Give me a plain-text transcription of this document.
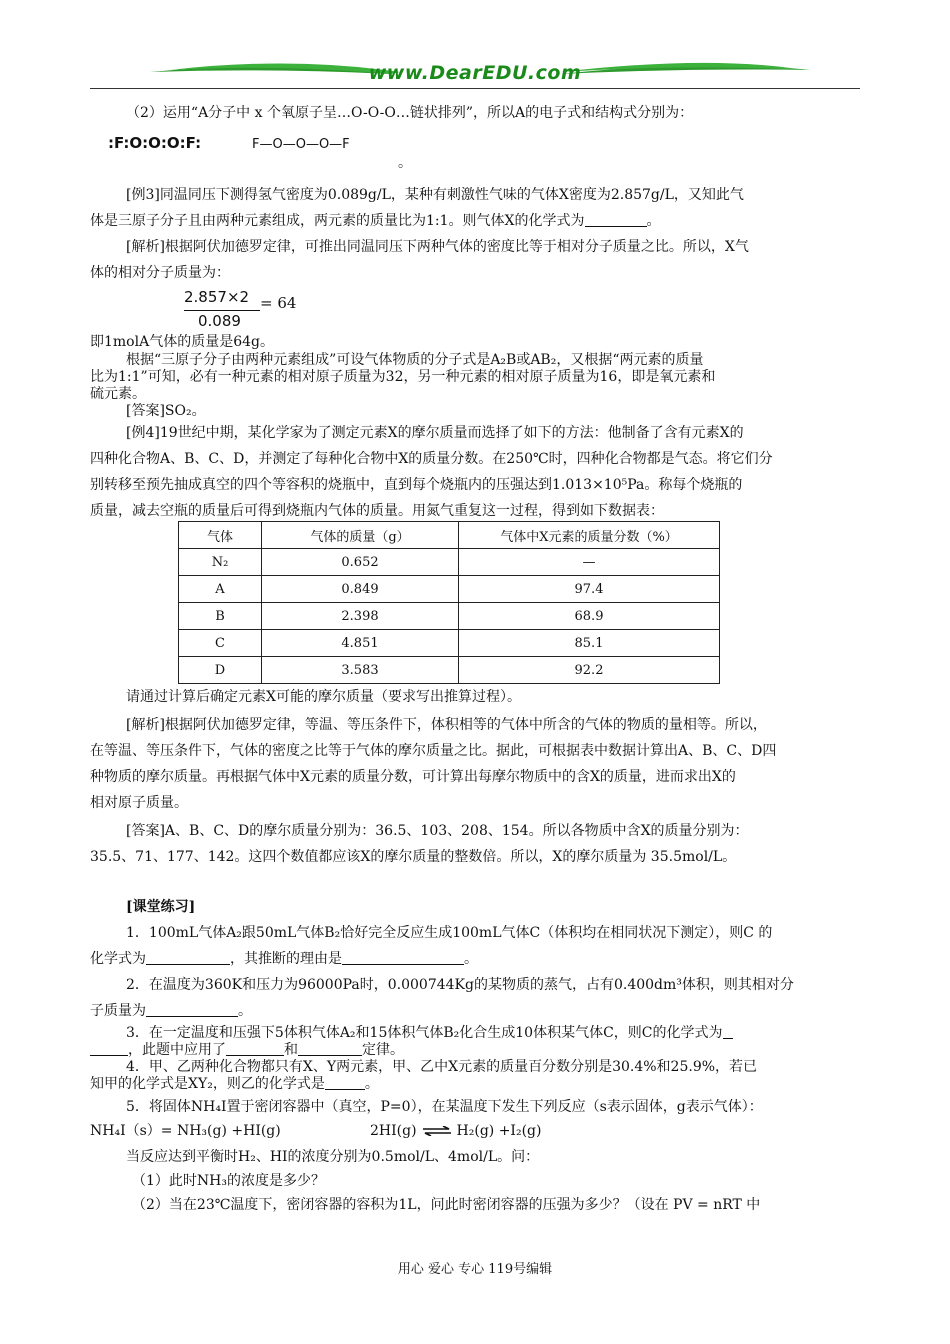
www.DearEDU.com
（2）运用“A分子中 x 个氧原子呈…O-O-O…链状排列”，所以A的电子式和结构式分别为：
:F:O:O:O:F:	F—O—O—O—F
。
[例3]同温同压下测得氢气密度为0.089g/L，某种有刺激性气味的气体X密度为2.857g/L，又知此气
体是三原子分子且由两种元素组成，两元素的质量比为1:1。则气体X的化学式为	。
[解析]根据阿伏加德罗定律，可推出同温同压下两种气体的密度比等于相对分子质量之比。所以，X气
体的相对分子质量为：
2.857×2
0.089
= 64
即1molA气体的质量是64g。
根据“三原子分子由两种元素组成”可设气体物质的分子式是A₂B或AB₂，又根据“两元素的质量
比为1:1”可知，必有一种元素的相对原子质量为32，另一种元素的相对原子质量为16，即是氧元素和
硫元素。
[答案]SO₂。
[例4]19世纪中期，某化学家为了测定元素X的摩尔质量而选择了如下的方法：他制备了含有元素X的
四种化合物A、B、C、D，并测定了每种化合物中X的质量分数。在250℃时，四种化合物都是气态。将它们分
别转移至预先抽成真空的四个等容积的烧瓶中，直到每个烧瓶内的压强达到1.013×10⁵Pa。称每个烧瓶的
质量，减去空瓶的质量后可得到烧瓶内气体的质量。用氮气重复这一过程，得到如下数据表：
气体	气体的质量（g）	气体中X元素的质量分数（%）
N₂	0.652	—
A	0.849	97.4
B	2.398	68.9
C	4.851	85.1
D	3.583	92.2
请通过计算后确定元素X可能的摩尔质量（要求写出推算过程）。
[解析]根据阿伏加德罗定律，等温、等压条件下，体积相等的气体中所含的气体的物质的量相等。所以，
在等温、等压条件下，气体的密度之比等于气体的摩尔质量之比。据此，可根据表中数据计算出A、B、C、D四
种物质的摩尔质量。再根据气体中X元素的质量分数，可计算出每摩尔物质中的含X的质量，进而求出X的
相对原子质量。
[答案]A、B、C、D的摩尔质量分别为：36.5、103、208、154。所以各物质中含X的质量分别为：
35.5、71、177、142。这四个数值都应该X的摩尔质量的整数倍。所以，X的摩尔质量为 35.5mol/L。
[课堂练习]
1．100mL气体A₂跟50mL气体B₂恰好完全反应生成100mL气体C（体积均在相同状况下测定），则C 的
化学式为	，其推断的理由是	。
2．在温度为360K和压力为96000Pa时，0.000744Kg的某物质的蒸气，占有0.400dm³体积，则其相对分
子质量为	。
3．在一定温度和压强下5体积气体A₂和15体积气体B₂化合生成10体积某气体C，则C的化学式为
，此题中应用了	和	定律。
4．甲、乙两种化合物都只有X、Y两元素，甲、乙中X元素的质量百分数分别是30.4%和25.9%，若已
知甲的化学式是XY₂，则乙的化学式是	。
5．将固体NH₄I置于密闭容器中（真空，P=0），在某温度下发生下列反应（s表示固体，g表示气体）：
NH₄I（s）= NH₃(g) +HI(g)	2HI(g) ⇌ H₂(g) +I₂(g)
当反应达到平衡时H₂、HI的浓度分别为0.5mol/L、4mol/L。问：
（1）此时NH₃的浓度是多少？
（2）当在23℃温度下，密闭容器的容积为1L，问此时密闭容器的压强为多少？（设在 PV = nRT 中
用心 爱心 专心 119号编辑
